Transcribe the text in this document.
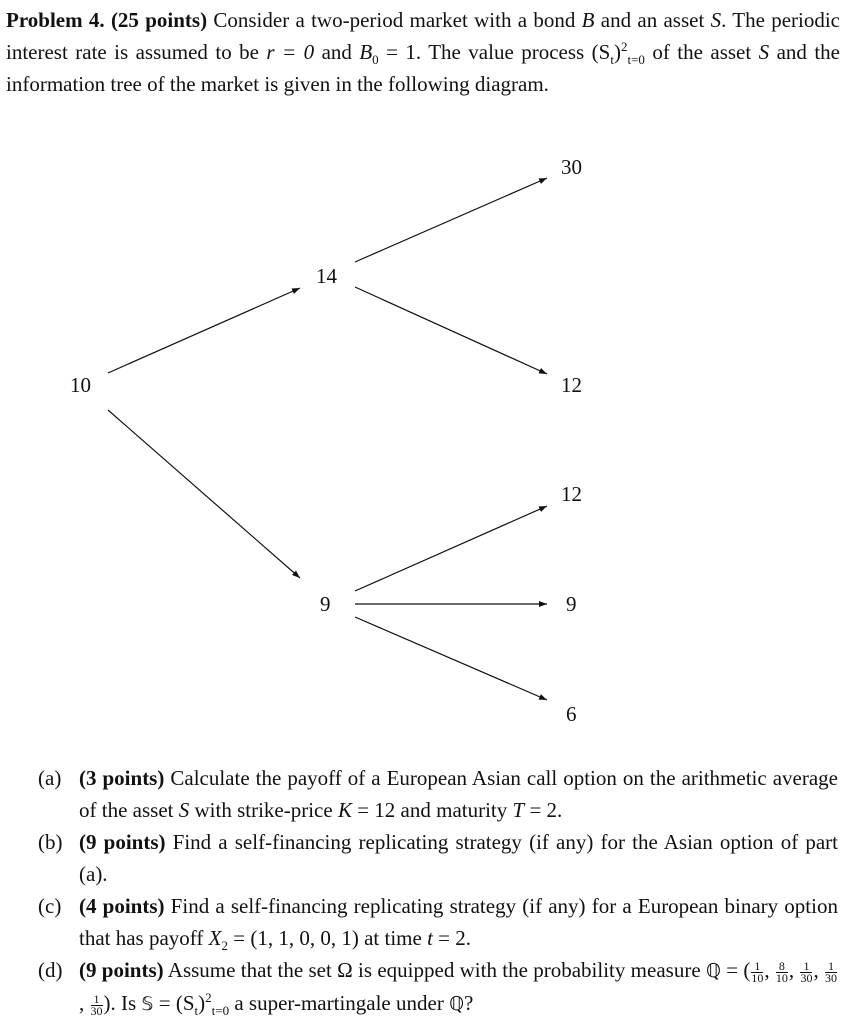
Problem 4. (25 points) Consider a two-period market with a bond B and an asset S. The periodic interest rate is assumed to be r = 0 and $B_0 = 1$. The value process $(S_t)^2_{t=0}$ of the asset S and the information tree of the market is given in the following diagram.
10
14
9
30
12
12
9
6
(a) (3 points) Calculate the payoff of a European Asian call option on the arithmetic average of the asset S with strike-price K = 12 and maturity T = 2.
(b) (9 points) Find a self-financing replicating strategy (if any) for the Asian option of part (a).
(c) (4 points) Find a self-financing replicating strategy (if any) for a European binary option that has payoff $X_2 = (1$, 1, 0, 0, 1) at time t = 2.
(d) (9 points) Assume that the set Ω is equipped with the probability measure ℚ = ( $\frac{1}{10}$ , $\frac{8}{10}$ , $\frac{1}{30}$ , $\frac{1}{30}$
, $\frac{1}{30}$ ). Is 𝕊 = $(S_t)^2_{t=0}$ a super-martingale under ℚ?
